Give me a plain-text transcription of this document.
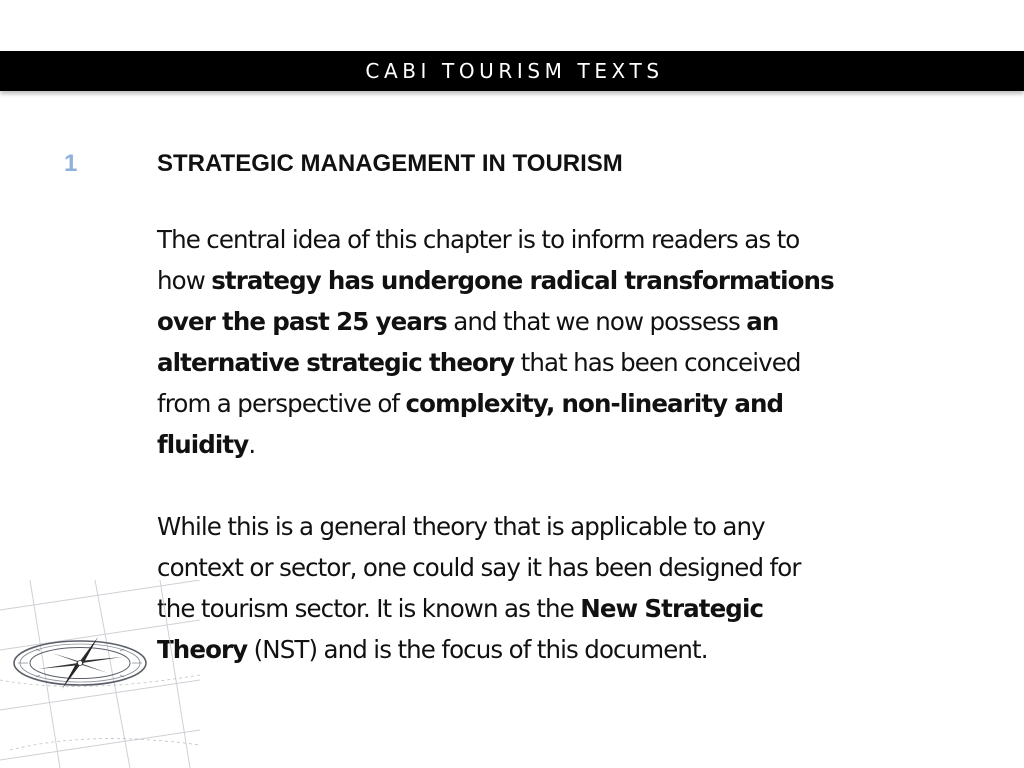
CABI TOURISM TEXTS
1	STRATEGIC MANAGEMENT IN TOURISM

The central idea of this chapter is to inform readers as to

how strategy has undergone radical transformations

over the past 25 years and that we now possess an

alternative strategic theory that has been conceived

from a perspective of complexity, non-linearity and

fluidity.

While this is a general theory that is applicable to any

context or sector, one could say it has been designed for

the tourism sector. It is known as the New Strategic

Theory (NST) and is the focus of this document.
